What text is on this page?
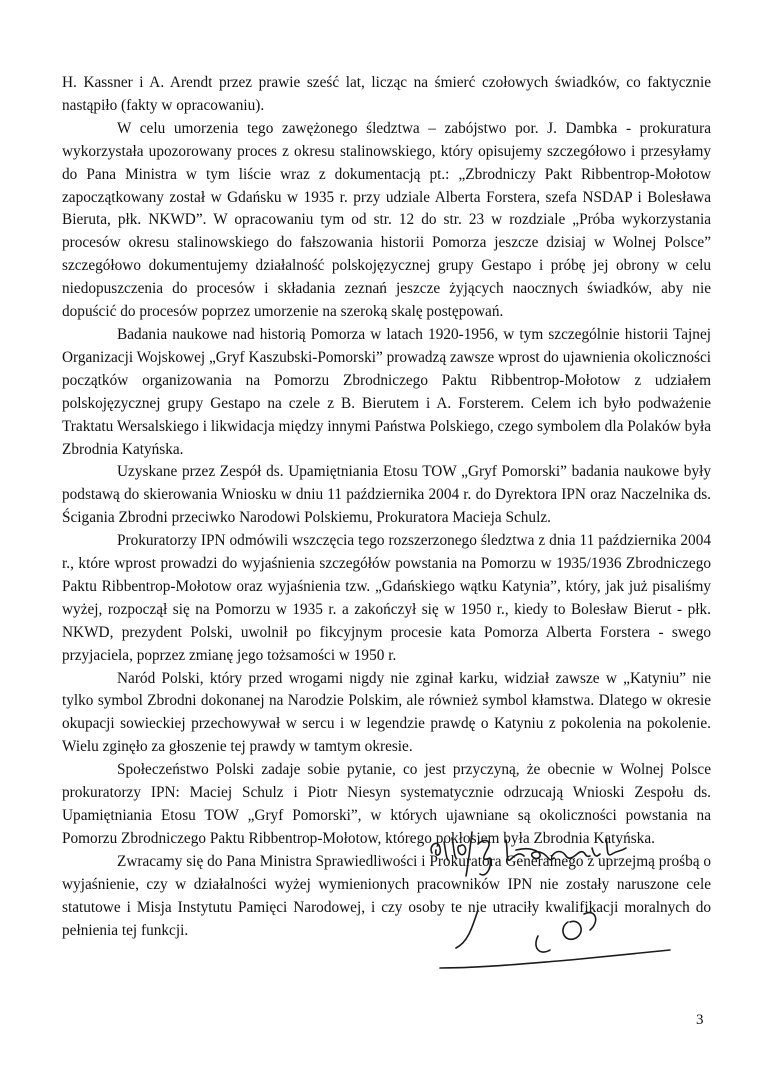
H. Kassner i A. Arendt przez prawie sześć lat, licząc na śmierć czołowych świadków, co faktycznie nastąpiło (fakty w opracowaniu).

W celu umorzenia tego zawężonego śledztwa – zabójstwo por. J. Dambka - prokuratura wykorzystała upozorowany proces z okresu stalinowskiego, który opisujemy szczegółowo i przesyłamy do Pana Ministra w tym liście wraz z dokumentacją pt.: „Zbrodniczy Pakt Ribbentrop-Mołotow zapoczątkowany został w Gdańsku w 1935 r. przy udziale Alberta Forstera, szefa NSDAP i Bolesława Bieruta, płk. NKWD”. W opracowaniu tym od str. 12 do str. 23 w rozdziale „Próba wykorzystania procesów okresu stalinowskiego do fałszowania historii Pomorza jeszcze dzisiaj w Wolnej Polsce” szczegółowo dokumentujemy działalność polskojęzycznej grupy Gestapo i próbę jej obrony w celu niedopuszczenia do procesów i składania zeznań jeszcze żyjących naocznych świadków, aby nie dopuścić do procesów poprzez umorzenie na szeroką skalę postępowań.

Badania naukowe nad historią Pomorza w latach 1920-1956, w tym szczególnie historii Tajnej Organizacji Wojskowej „Gryf Kaszubski-Pomorski” prowadzą zawsze wprost do ujawnienia okoliczności początków organizowania na Pomorzu Zbrodniczego Paktu Ribbentrop-Mołotow z udziałem polskojęzycznej grupy Gestapo na czele z B. Bierutem i A. Forsterem. Celem ich było podważenie Traktatu Wersalskiego i likwidacja między innymi Państwa Polskiego, czego symbolem dla Polaków była Zbrodnia Katyńska.

Uzyskane przez Zespół ds. Upamiętniania Etosu TOW „Gryf Pomorski” badania naukowe były podstawą do skierowania Wniosku w dniu 11 października 2004 r. do Dyrektora IPN oraz Naczelnika ds. Ścigania Zbrodni przeciwko Narodowi Polskiemu, Prokuratora Macieja Schulz.

Prokuratorzy IPN odmówili wszczęcia tego rozszerzonego śledztwa z dnia 11 października 2004 r., które wprost prowadzi do wyjaśnienia szczegółów powstania na Pomorzu w 1935/1936 Zbrodniczego Paktu Ribbentrop-Mołotow oraz wyjaśnienia tzw. „Gdańskiego wątku Katynia”, który, jak już pisaliśmy wyżej, rozpoczął się na Pomorzu w 1935 r. a zakończył się w 1950 r., kiedy to Bolesław Bierut - płk. NKWD, prezydent Polski, uwolnił po fikcyjnym procesie kata Pomorza Alberta Forstera - swego przyjaciela, poprzez zmianę jego tożsamości w 1950 r.

Naród Polski, który przed wrogami nigdy nie zginał karku, widział zawsze w „Katyniu” nie tylko symbol Zbrodni dokonanej na Narodzie Polskim, ale również symbol kłamstwa. Dlatego w okresie okupacji sowieckiej przechowywał w sercu i w legendzie prawdę o Katyniu z pokolenia na pokolenie. Wielu zginęło za głoszenie tej prawdy w tamtym okresie.

Społeczeństwo Polski zadaje sobie pytanie, co jest przyczyną, że obecnie w Wolnej Polsce prokuratorzy IPN: Maciej Schulz i Piotr Niesyn systematycznie odrzucają Wnioski Zespołu ds. Upamiętniania Etosu TOW „Gryf Pomorski”, w których ujawniane są okoliczności powstania na Pomorzu Zbrodniczego Paktu Ribbentrop-Mołotow, którego pokłosiem była Zbrodnia Katyńska.

Zwracamy się do Pana Ministra Sprawiedliwości i Prokuratora Generalnego z uprzejmą prośbą o wyjaśnienie, czy w działalności wyżej wymienionych pracowników IPN nie zostały naruszone cele statutowe i Misja Instytutu Pamięci Narodowej, i czy osoby te nie utraciły kwalifikacji moralnych do pełnienia tej funkcji.

3
